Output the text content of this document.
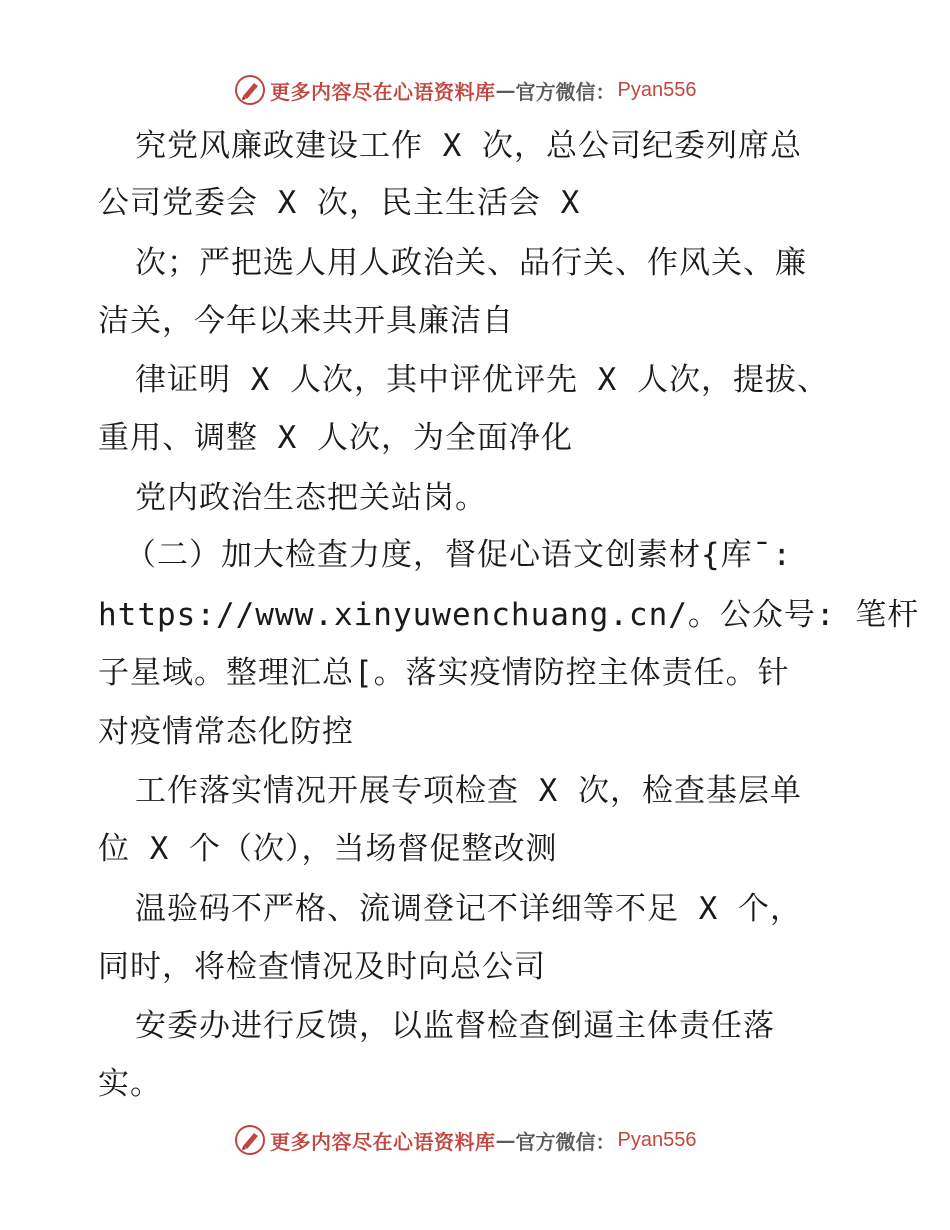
更多内容尽在心语资料库 — 官方微信： Pyan556
究党风廉政建设工作 X 次，总公司纪委列席总
公司党委会 X 次，民主生活会 X
次；严把选人用人政治关、品行关、作风关、廉
洁关，今年以来共开具廉洁自
律证明 X 人次，其中评优评先 X 人次，提拔、
重用、调整 X 人次，为全面净化
党内政治生态把关站岗。
（二）加大检查力度，督促心语文创素材{库¯:
https://www.xinyuwenchuang.cn/。公众号: 笔杆
子星域。整理汇总[。落实疫情防控主体责任。针
对疫情常态化防控
工作落实情况开展专项检查 X 次，检查基层单
位 X 个（次），当场督促整改测
温验码不严格、流调登记不详细等不足 X 个，
同时，将检查情况及时向总公司
安委办进行反馈，以监督检查倒逼主体责任落
实。
更多内容尽在心语资料库 — 官方微信： Pyan556
